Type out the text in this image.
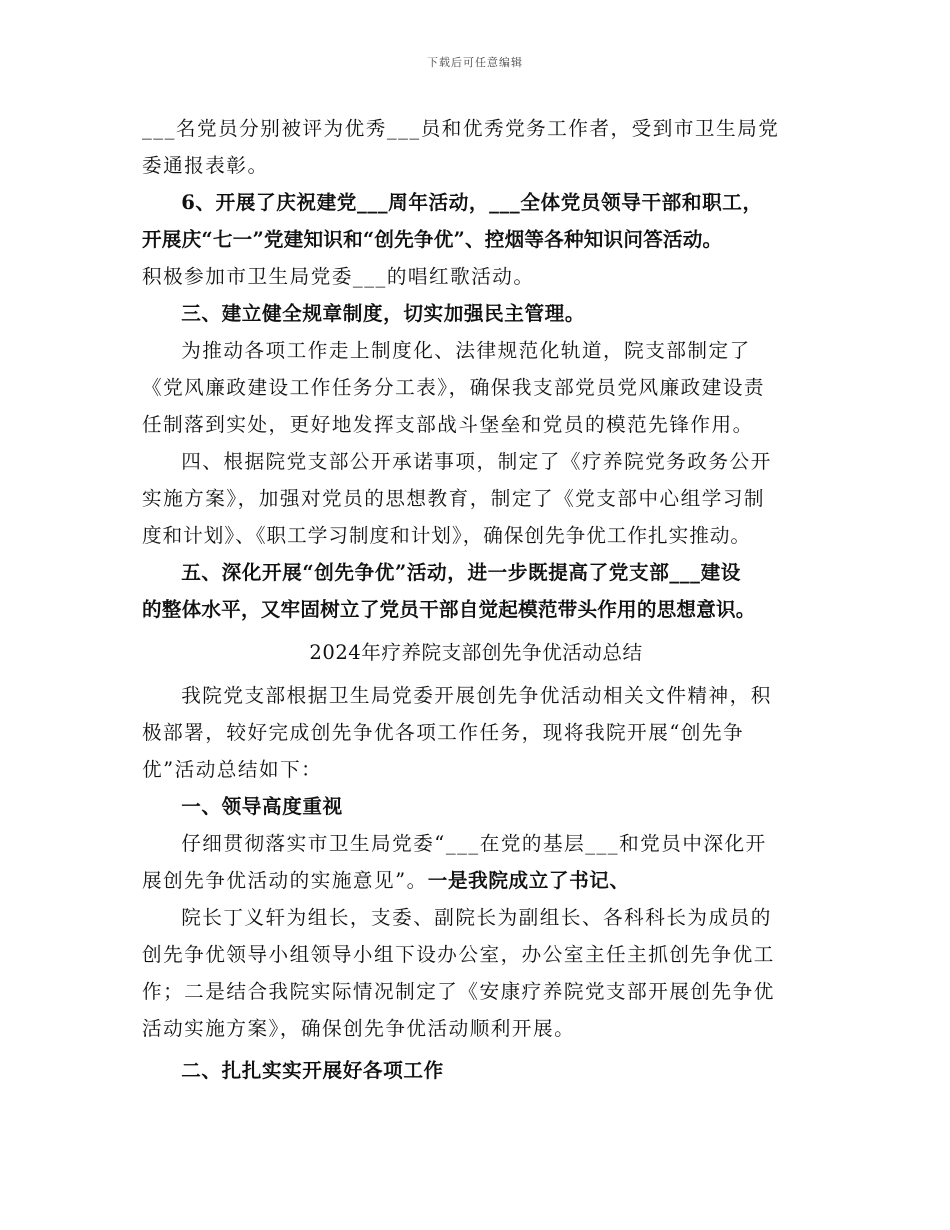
下载后可任意编辑
___名党员分别被评为优秀___员和优秀党务工作者，受到市卫生局党
委通报表彰。
6、开展了庆祝建党___周年活动，___全体党员领导干部和职工，
开展庆“七一”党建知识和“创先争优”、控烟等各种知识问答活动。
积极参加市卫生局党委___的唱红歌活动。
三、建立健全规章制度，切实加强民主管理。
为推动各项工作走上制度化、法律规范化轨道，院支部制定了
《党风廉政建设工作任务分工表》，确保我支部党员党风廉政建设责
任制落到实处，更好地发挥支部战斗堡垒和党员的模范先锋作用。
四、根据院党支部公开承诺事项，制定了《疗养院党务政务公开
实施方案》，加强对党员的思想教育，制定了《党支部中心组学习制
度和计划》、《职工学习制度和计划》，确保创先争优工作扎实推动。
五、深化开展“创先争优”活动，进一步既提高了党支部___建设
的整体水平，又牢固树立了党员干部自觉起模范带头作用的思想意识。
2024年疗养院支部创先争优活动总结
我院党支部根据卫生局党委开展创先争优活动相关文件精神，积
极部署，较好完成创先争优各项工作任务，现将我院开展“创先争
优”活动总结如下：
一、领导高度重视
仔细贯彻落实市卫生局党委“___在党的基层___和党员中深化开
展创先争优活动的实施意见”。一是我院成立了书记、
院长丁义轩为组长，支委、副院长为副组长、各科科长为成员的
创先争优领导小组领导小组下设办公室，办公室主任主抓创先争优工
作；二是结合我院实际情况制定了《安康疗养院党支部开展创先争优
活动实施方案》，确保创先争优活动顺利开展。
二、扎扎实实开展好各项工作
